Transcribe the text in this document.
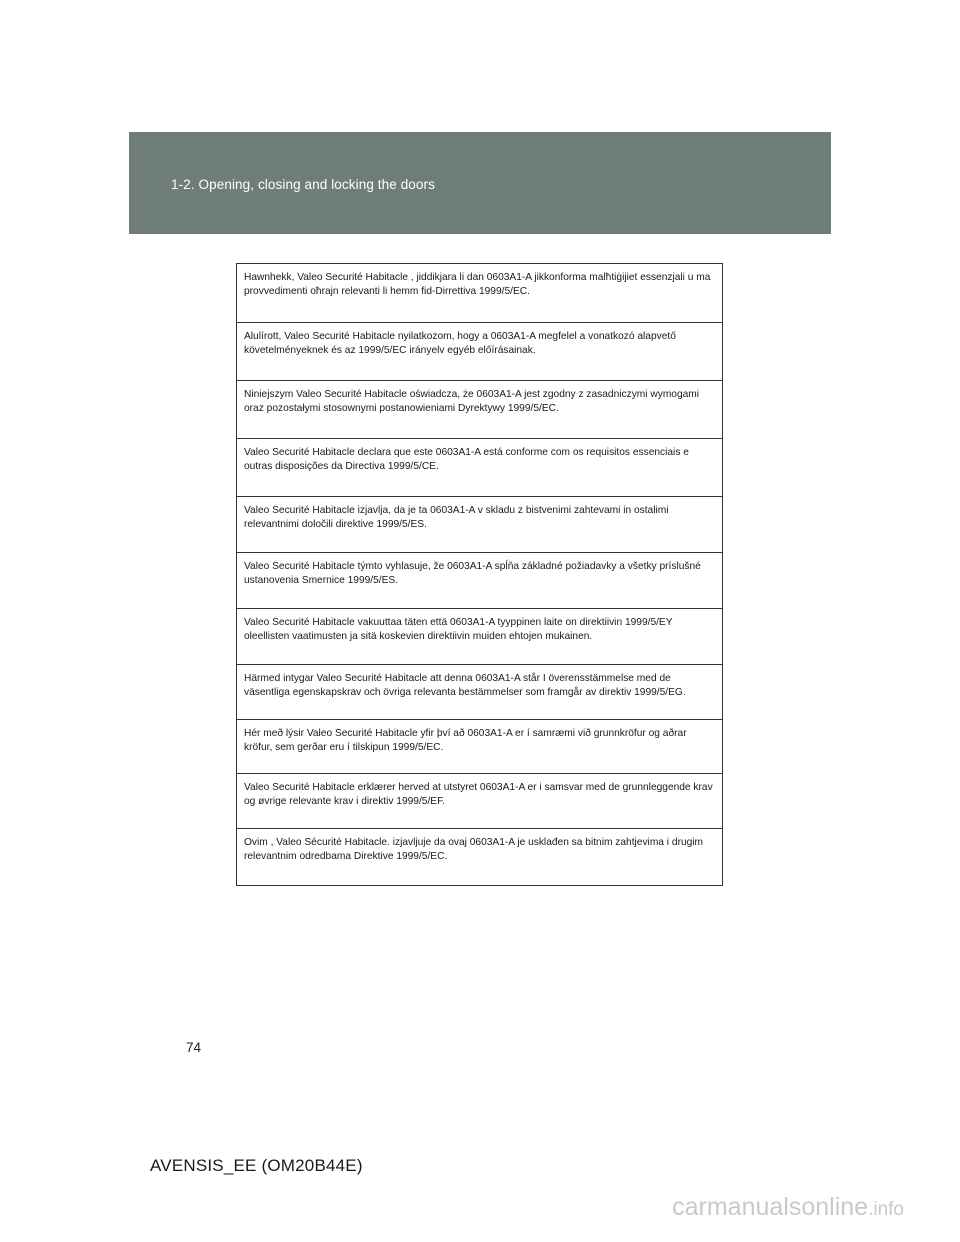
1-2. Opening, closing and locking the doors
Hawnhekk, Valeo Securité Habitacle , jiddikjara li dan 0603A1-A jikkonforma malħtiġijiet essenzjali u ma provvedimenti oħrajn relevanti li hemm fid-Dirrettiva 1999/5/EC.
Alulírott, Valeo Securité Habitacle nyilatkozom, hogy a 0603A1-A megfelel a vonatkozó alapvető követelményeknek és az 1999/5/EC irányelv egyéb előírásainak.
Niniejszym Valeo Securité Habitacle oświadcza, że 0603A1-A jest zgodny z zasadniczymi wymogami oraz pozostałymi stosownymi postanowieniami Dyrektywy 1999/5/EC.
Valeo Securité Habitacle declara que este 0603A1-A está conforme com os requisitos essenciais e outras disposições da Directiva 1999/5/CE.
Valeo Securité Habitacle izjavlja, da je ta 0603A1-A v skladu z bistvenimi zahtevami in ostalimi relevantnimi določili direktive 1999/5/ES.
Valeo Securité Habitacle týmto vyhlasuje, že 0603A1-A spĺňa základné požiadavky a všetky príslušné ustanovenia Smernice 1999/5/ES.
Valeo Securité Habitacle vakuuttaa täten että 0603A1-A tyyppinen laite on direktiivin 1999/5/EY oleellisten vaatimusten ja sitä koskevien direktiivin muiden ehtojen mukainen.
Härmed intygar Valeo Securité Habitacle att denna 0603A1-A står I överensstämmelse med de väsentliga egenskapskrav och övriga relevanta bestämmelser som framgår av direktiv 1999/5/EG.
Hér með lýsir Valeo Securité Habitacle yfir því að 0603A1-A er í samræmi við grunnkröfur og aðrar kröfur, sem gerðar eru í tilskipun 1999/5/EC.
Valeo Securité Habitacle erklærer herved at utstyret 0603A1-A er i samsvar med de grunnleggende krav og øvrige relevante krav i direktiv 1999/5/EF.
Ovim , Valeo Sécurité Habitacle. izjavljuje da ovaj 0603A1-A je usklađen sa bitnim zahtjevima i drugim relevantnim odredbama Direktive 1999/5/EC.
74
AVENSIS_EE (OM20B44E)
carmanualsonline .info
